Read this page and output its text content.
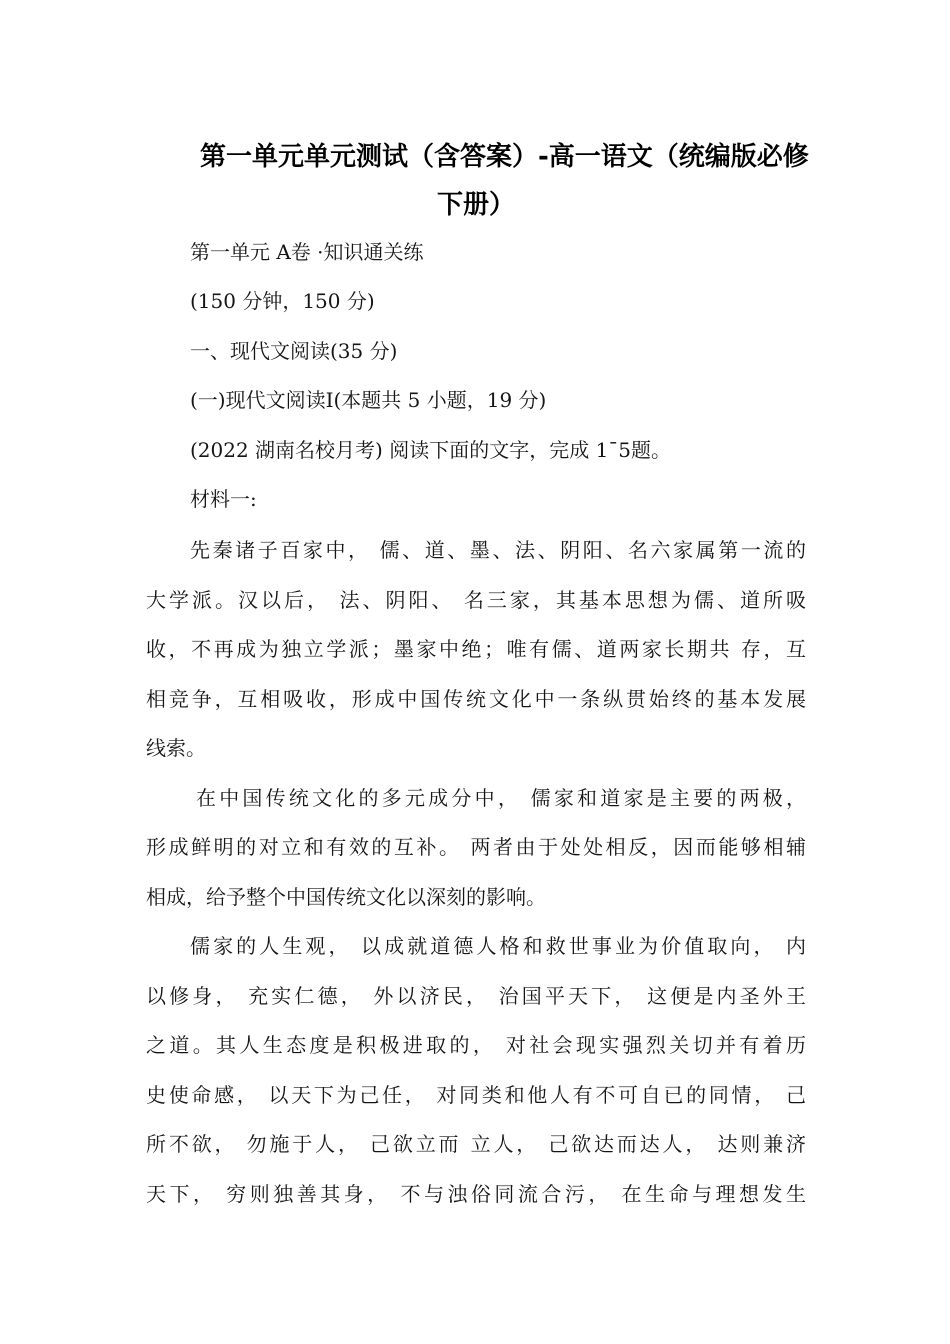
第一单元单元测试（含答案）-高一语文（统编版必修
下册）
第一单元 A卷 ·知识通关练
(150 分钟，150 分)
一、现代文阅读(35 分)
(一)现代文阅读Ⅰ(本题共 5 小题，19 分)
(2022 湖南名校月考) 阅读下面的文字，完成 1¯5题。
材料一:
先秦诸子百家中， 儒、道、墨、法、阴阳、名六家属第一流的
大学派。汉以后， 法、阴阳、 名三家，其基本思想为儒、道所吸
收，不再成为独立学派；墨家中绝；唯有儒、道两家长期共 存，互
相竞争，互相吸收，形成中国传统文化中一条纵贯始终的基本发展
线索。
在中国传统文化的多元成分中， 儒家和道家是主要的两极，
形成鲜明的对立和有效的互补。 两者由于处处相反，因而能够相辅
相成，给予整个中国传统文化以深刻的影响。
儒家的人生观， 以成就道德人格和救世事业为价值取向， 内
以修身， 充实仁德， 外以济民， 治国平天下， 这便是内圣外王
之道。其人生态度是积极进取的， 对社会现实强烈关切并有着历
史使命感， 以天下为己任， 对同类和他人有不可自已的同情， 己
所不欲， 勿施于人， 己欲立而 立人， 己欲达而达人， 达则兼济
天下， 穷则独善其身， 不与浊俗同流合污， 在生命与理想发生
